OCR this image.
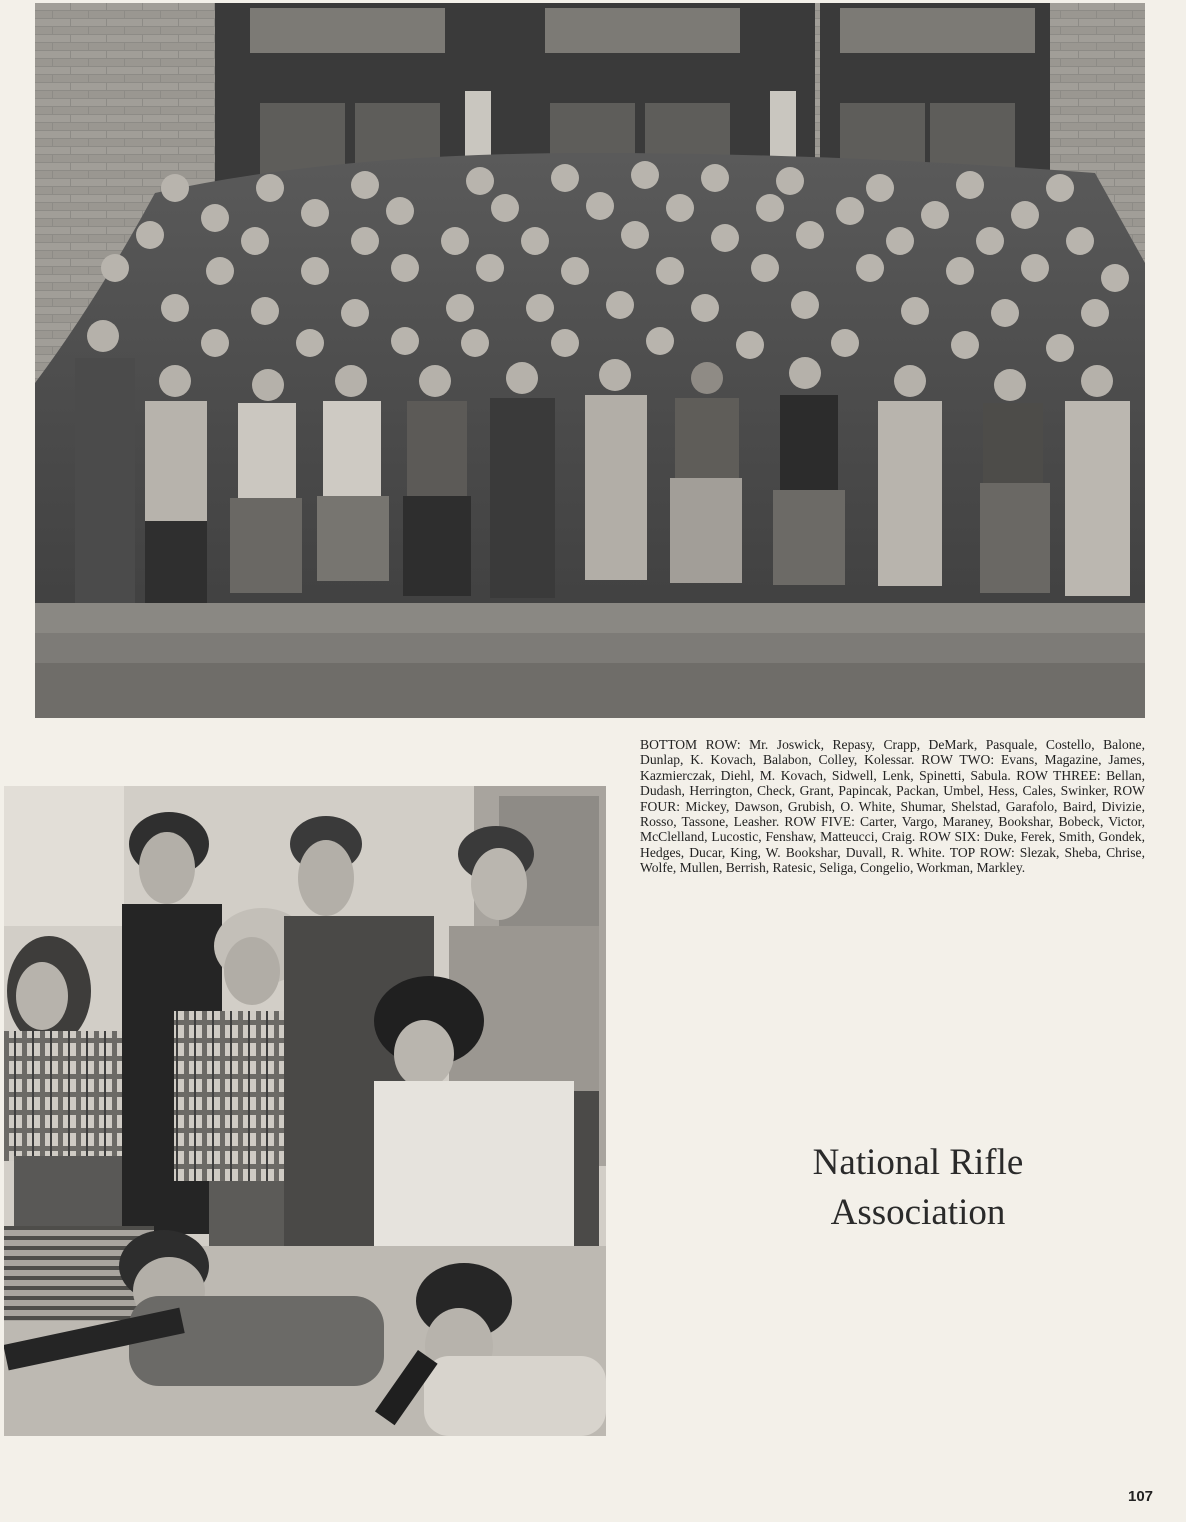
BOTTOM ROW: Mr. Joswick, Repasy, Crapp, DeMark, Pasquale, Costello, Balone, Dunlap, K. Kovach, Balabon, Colley, Kolessar. ROW TWO: Evans, Magazine, James, Kazmierczak, Diehl, M. Kovach, Sidwell, Lenk, Spinetti, Sabula. ROW THREE: Bellan, Dudash, Herrington, Check, Grant, Papincak, Packan, Umbel, Hess, Cales, Swinker, ROW FOUR: Mickey, Dawson, Grubish, O. White, Shumar, Shelstad, Garafolo, Baird, Divizie, Rosso, Tassone, Leasher. ROW FIVE: Carter, Vargo, Maraney, Bookshar, Bobeck, Victor, McClelland, Lucostic, Fenshaw, Matteucci, Craig. ROW SIX: Duke, Ferek, Smith, Gondek, Hedges, Ducar, King, W. Bookshar, Duvall, R. White. TOP ROW: Slezak, Sheba, Chrise, Wolfe, Mullen, Berrish, Ratesic, Seliga, Congelio, Workman, Markley.

National Rifle
Association
107
